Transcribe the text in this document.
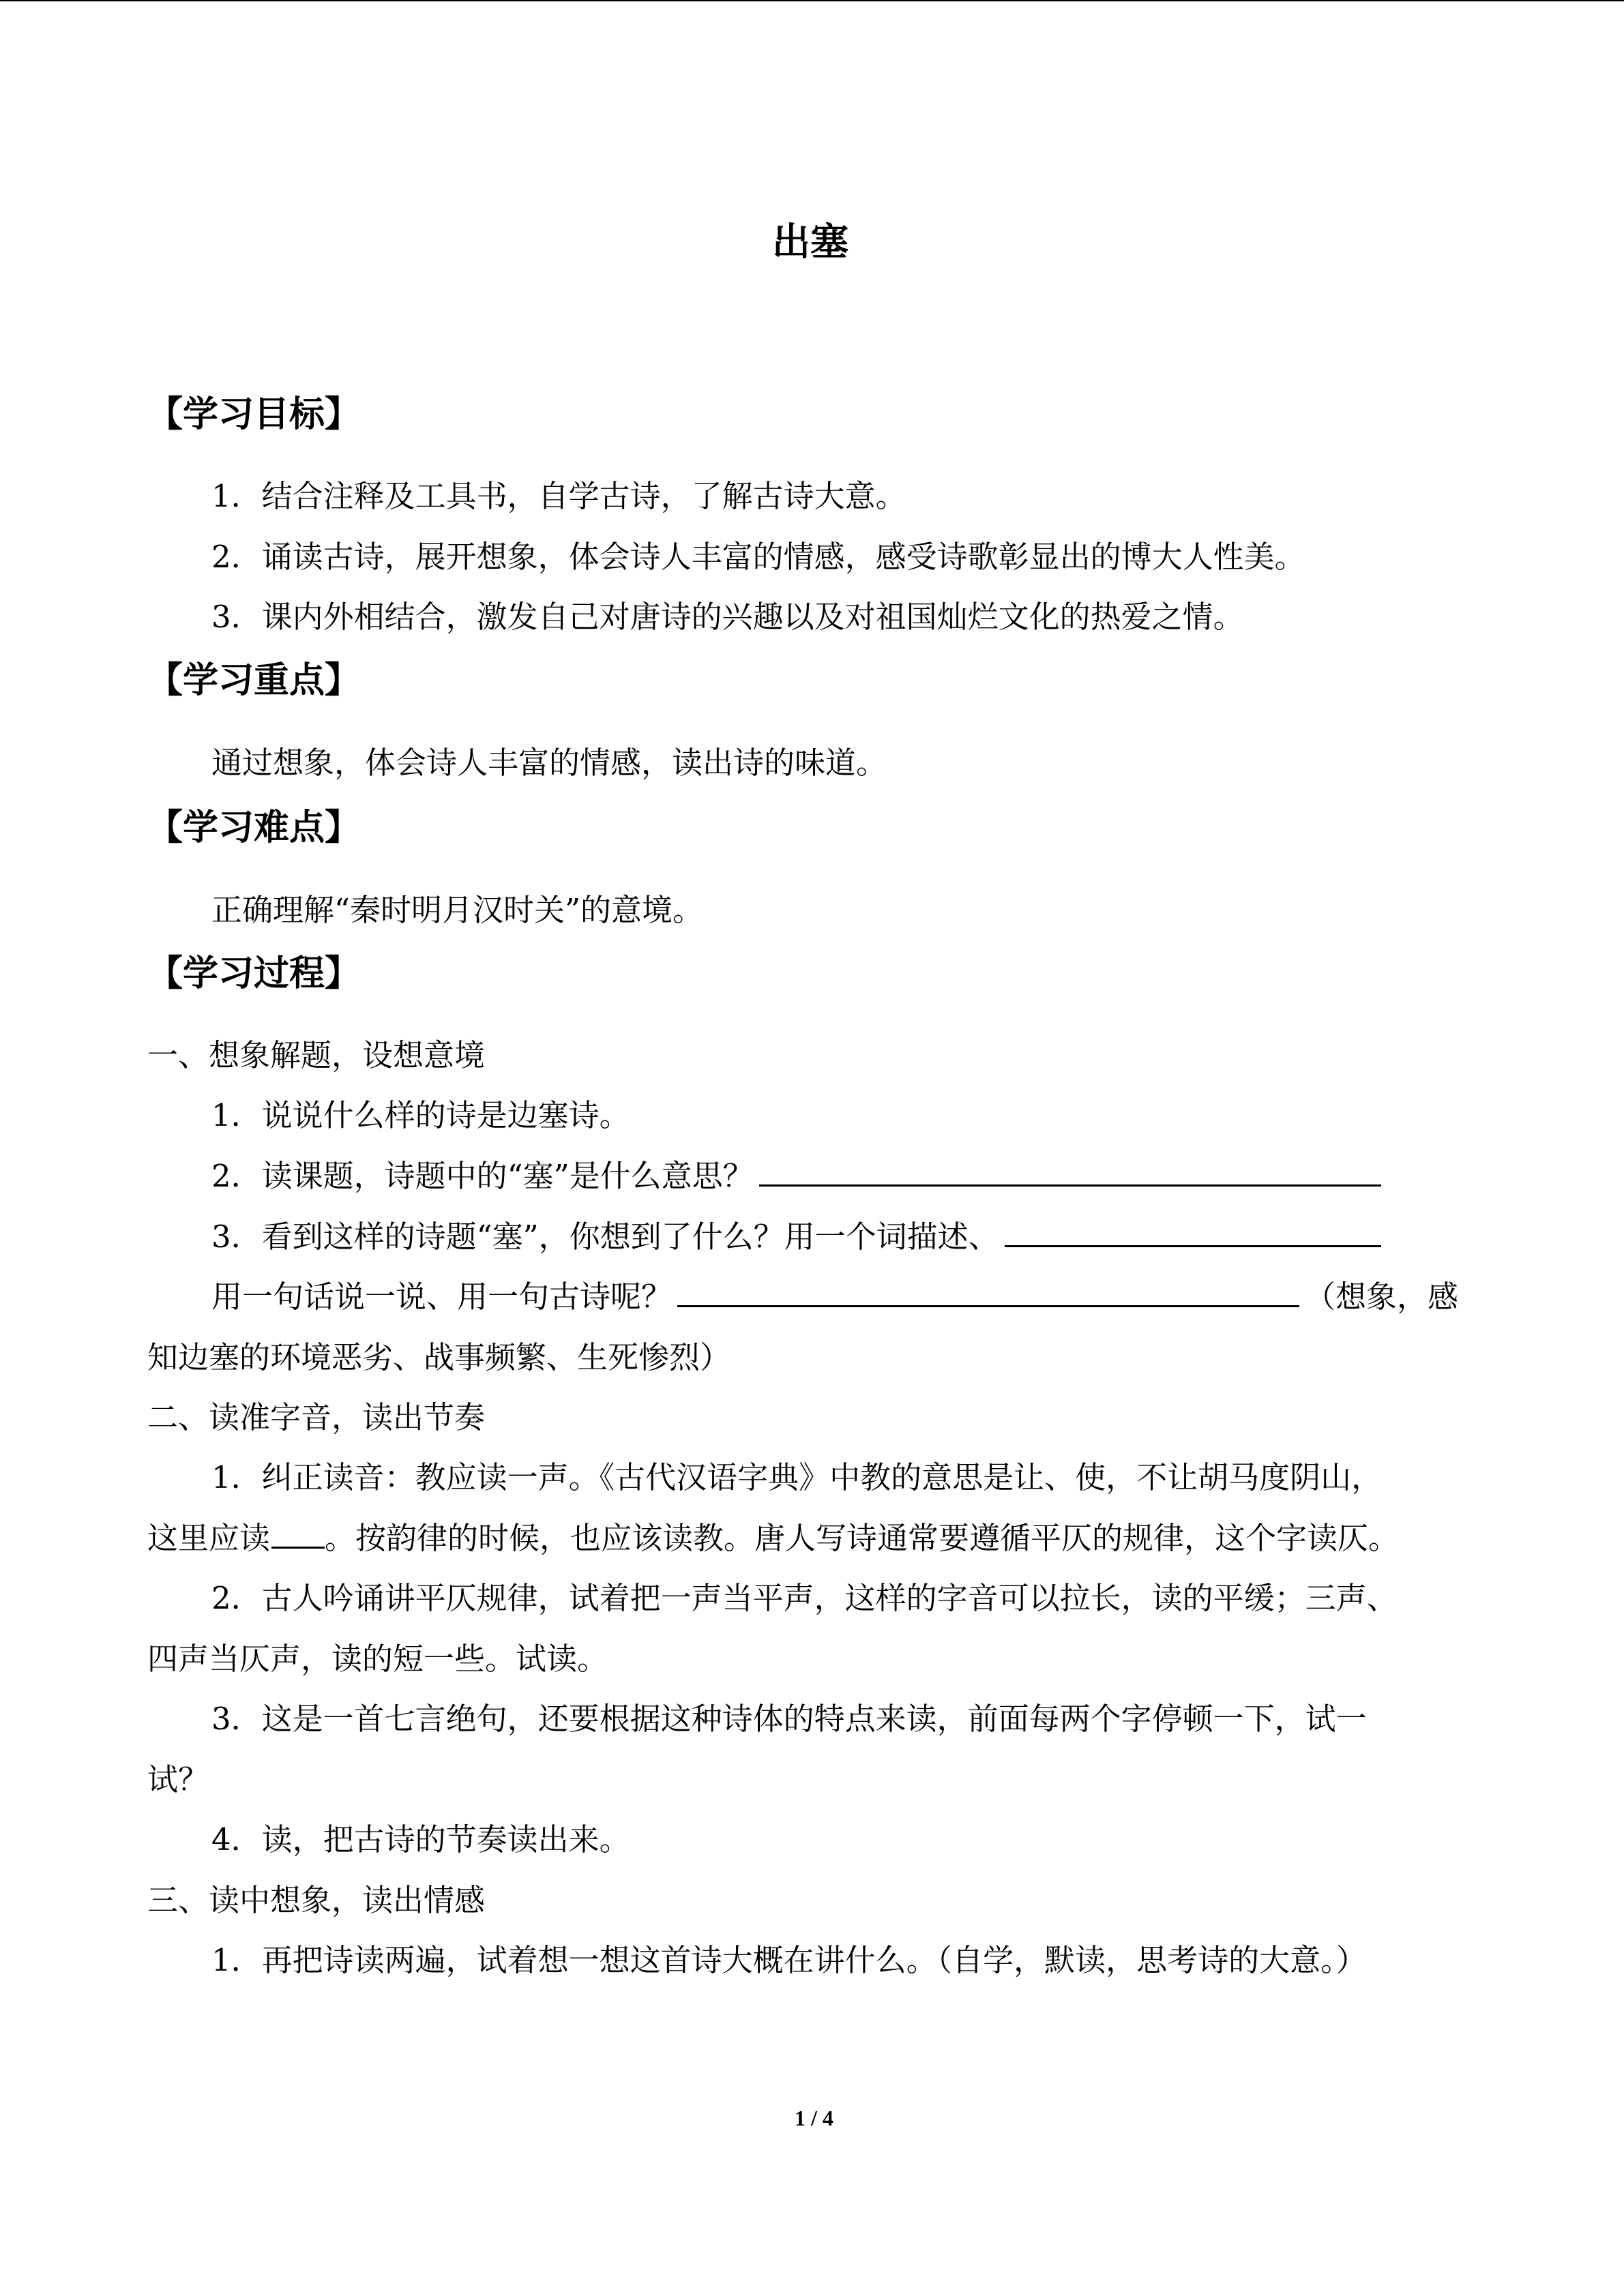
出塞
【学习目标】
1．结合注释及工具书，自学古诗，了解古诗大意。
2．诵读古诗，展开想象，体会诗人丰富的情感，感受诗歌彰显出的博大人性美。
3．课内外相结合，激发自己对唐诗的兴趣以及对祖国灿烂文化的热爱之情。
【学习重点】
通过想象，体会诗人丰富的情感，读出诗的味道。
【学习难点】
正确理解“秦时明月汉时关”的意境。
【学习过程】
一、想象解题，设想意境
1．说说什么样的诗是边塞诗。
2．读课题，诗题中的“塞”是什么意思？
3．看到这样的诗题“塞”，你想到了什么？用一个词描述、
用一句话说一说、用一句古诗呢？	（想象，感
知边塞的环境恶劣、战事频繁、生死惨烈）
二、读准字音，读出节奏
1．纠正读音：教应读一声。《古代汉语字典》中教的意思是让、使，不让胡马度阴山，
这里应读 。按韵律的时候，也应该读教。唐人写诗通常要遵循平仄的规律，这个字读仄。
2．古人吟诵讲平仄规律，试着把一声当平声，这样的字音可以拉长，读的平缓；三声、
四声当仄声，读的短一些。试读。
3．这是一首七言绝句，还要根据这种诗体的特点来读，前面每两个字停顿一下，试一
试？
4．读，把古诗的节奏读出来。
三、读中想象，读出情感
1．再把诗读两遍，试着想一想这首诗大概在讲什么。（自学，默读，思考诗的大意。）
1 / 4
